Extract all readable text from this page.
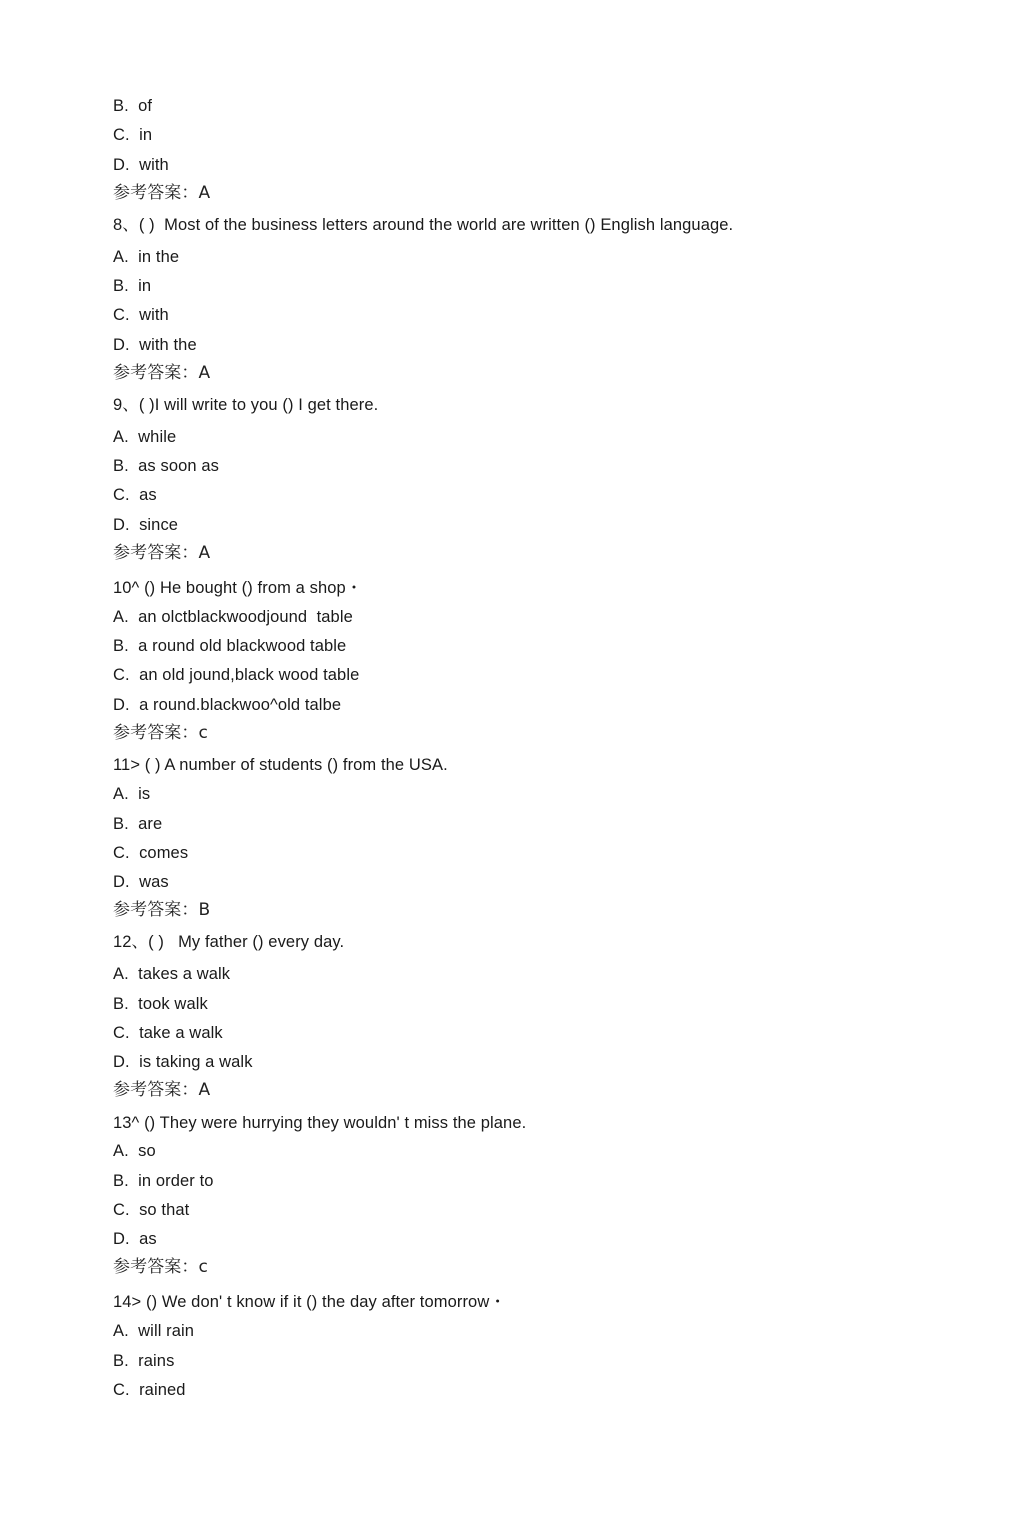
B.  of
C.  in
D.  with
参考答案：A
8、( )  Most of the business letters around the world are written () English language.
A.  in the
B.  in
C.  with
D.  with the
参考答案：A
9、( )I will write to you () I get there.
A.  while
B.  as soon as
C.  as
D.  since
参考答案：A
10^ () He bought () from a shop・
A.  an olctblackwoodjound  table
B.  a round old blackwood table
C.  an old jound,black wood table
D.  a round.blackwoo^old talbe
参考答案：c
11> ( ) A number of students () from the USA.
A.  is
B.  are
C.  comes
D.  was
参考答案：B
12、( )   My father () every day.
A.  takes a walk
B.  took walk
C.  take a walk
D.  is taking a walk
参考答案：A
13^ () They were hurrying they wouldn' t miss the plane.
A.  so
B.  in order to
C.  so that
D.  as
参考答案：c
14> () We don' t know if it () the day after tomorrow・
A.  will rain
B.  rains
C.  rained
